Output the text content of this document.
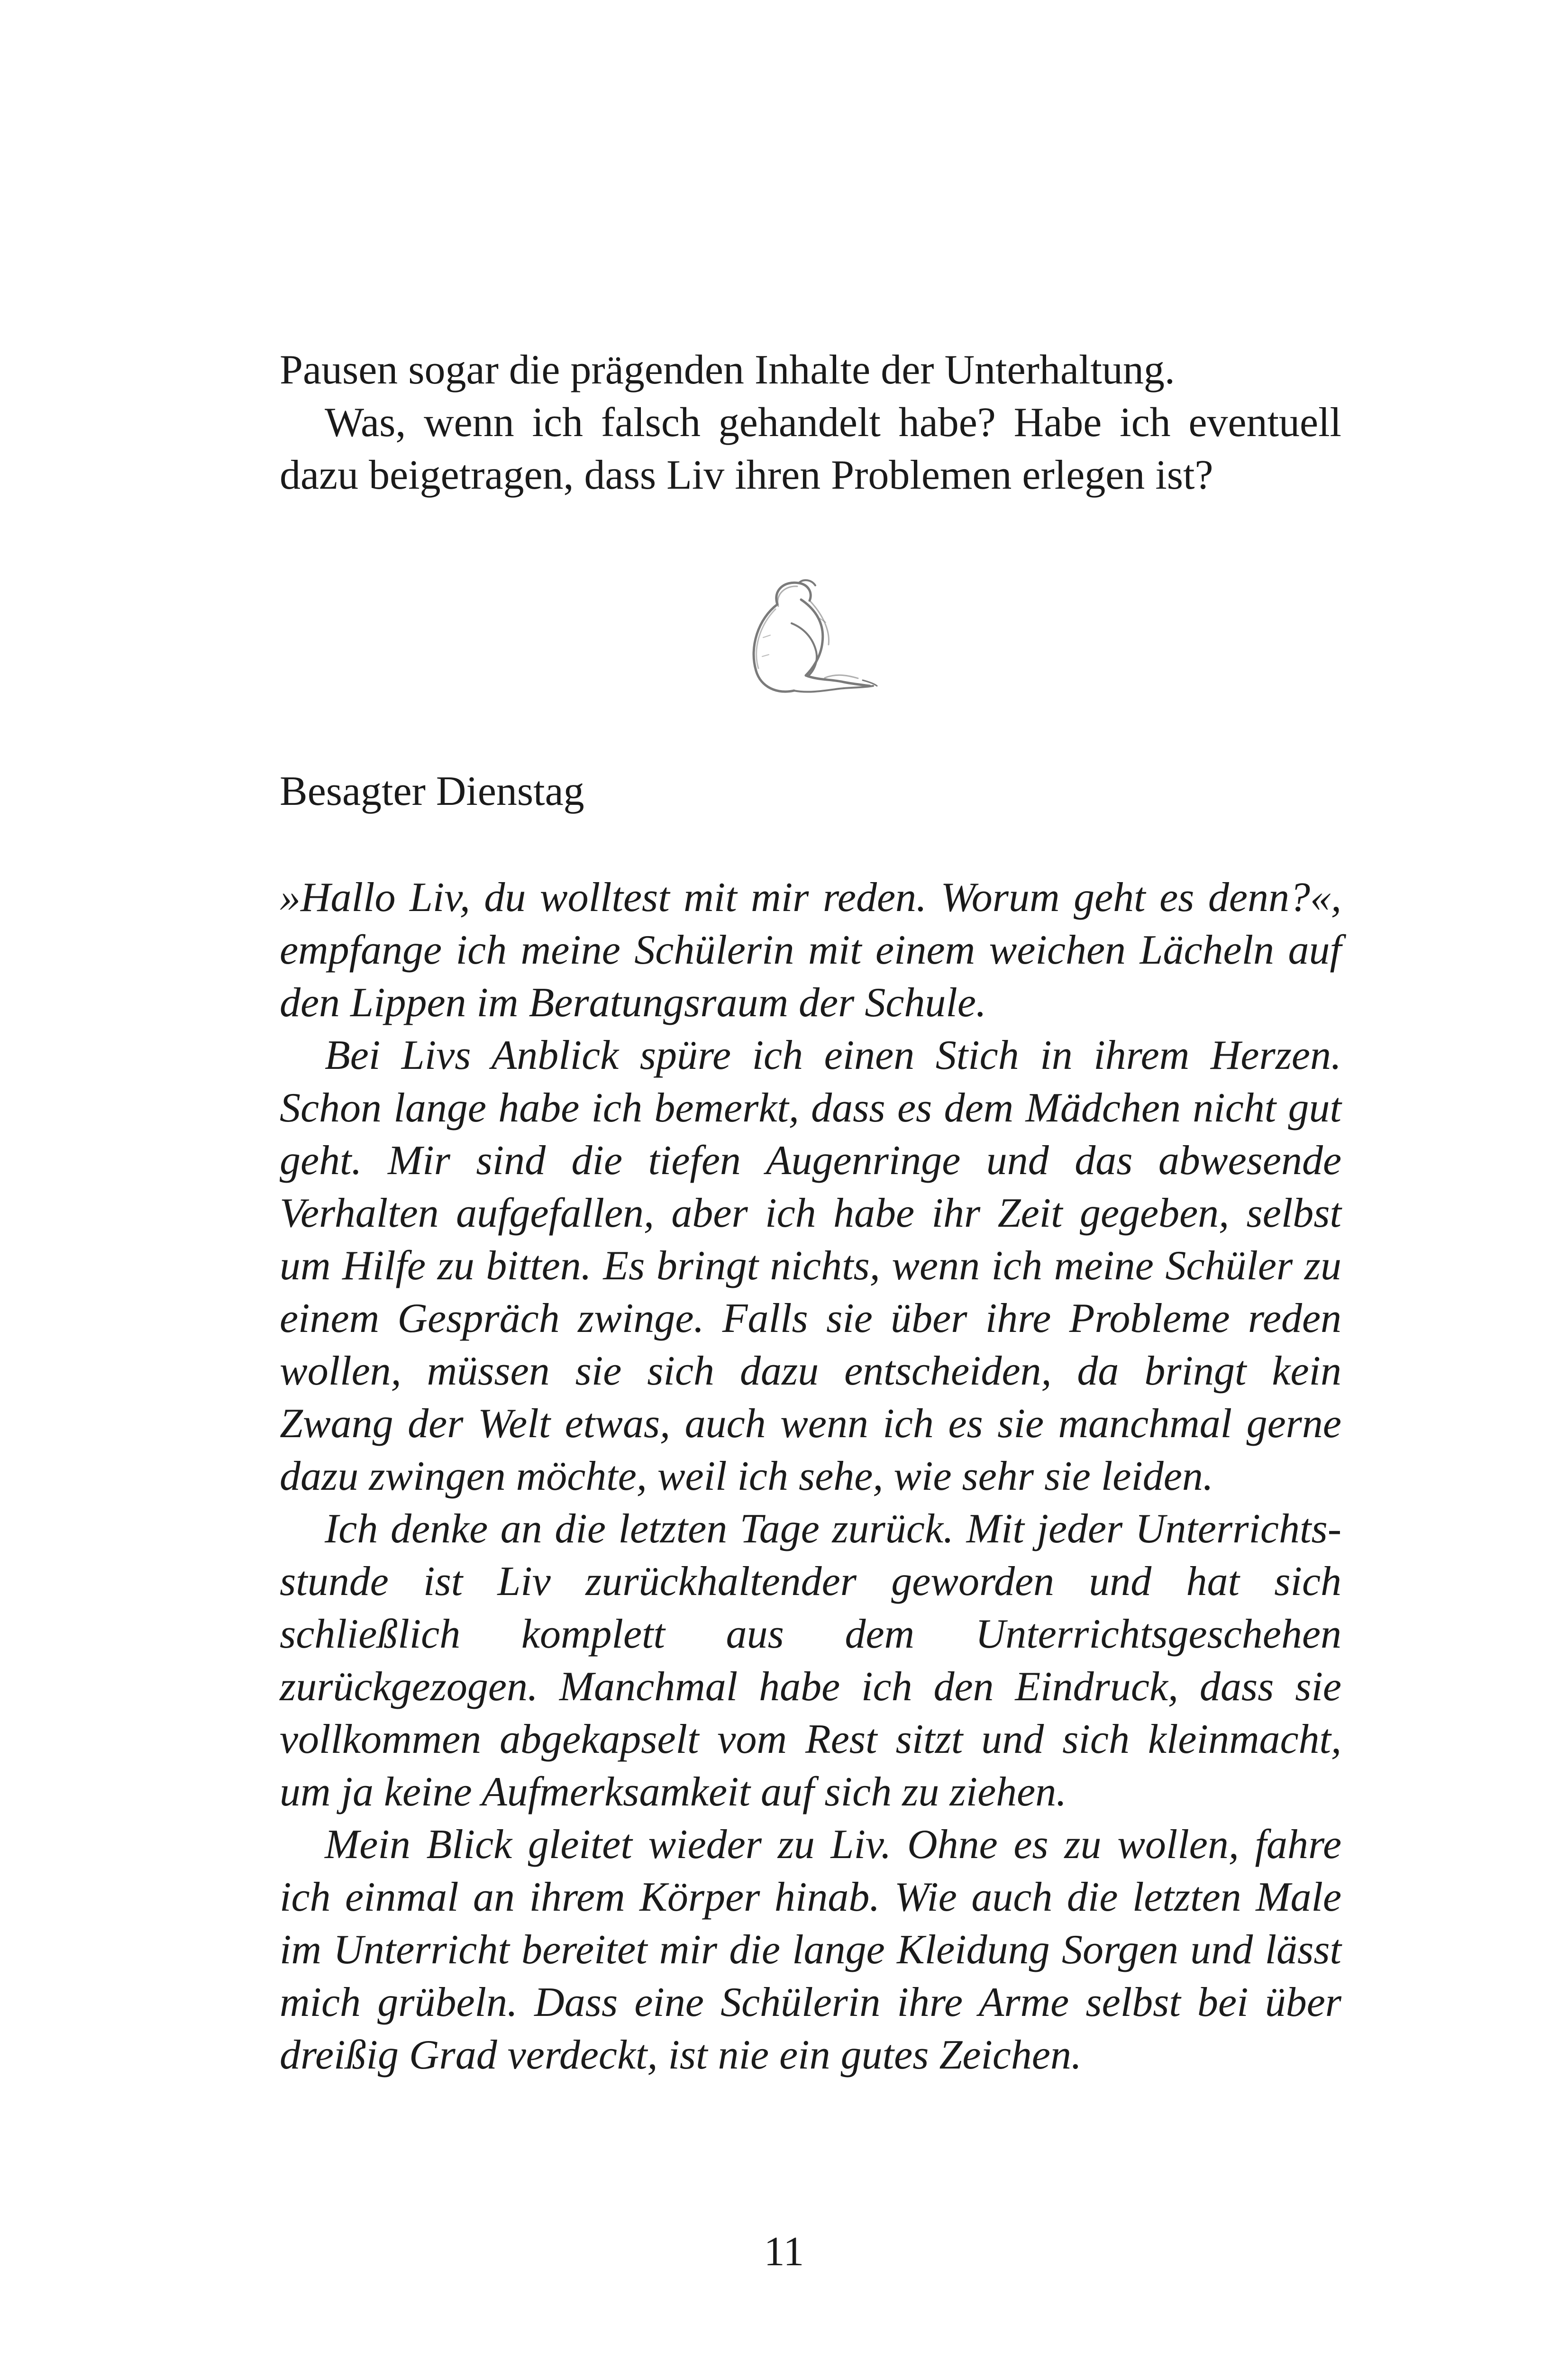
Pausen sogar die prägenden Inhalte der Unterhaltung.

Was, wenn ich falsch gehandelt habe? Habe ich eventuell dazu beigetragen, dass Liv ihren Problemen erlegen ist?

Besagter Dienstag

»Hallo Liv, du wolltest mit mir reden. Worum geht es denn?«, empfange ich meine Schülerin mit einem weichen Lächeln auf den Lippen im Beratungsraum der Schule.

Bei Livs Anblick spüre ich einen Stich in ihrem Herzen. Schon lange habe ich bemerkt, dass es dem Mädchen nicht gut geht. Mir sind die tiefen Augenringe und das abwesende Verhalten aufgefallen, aber ich habe ihr Zeit gegeben, selbst um Hilfe zu bitten. Es bringt nichts, wenn ich meine Schüler zu einem Gespräch zwinge. Falls sie über ihre Probleme reden wollen, müssen sie sich dazu entscheiden, da bringt kein Zwang der Welt etwas, auch wenn ich es sie manchmal gerne dazu zwingen möchte, weil ich sehe, wie sehr sie leiden.

Ich denke an die letzten Tage zurück. Mit jeder Unterrichtsstunde ist Liv zurückhaltender geworden und hat sich schließlich komplett aus dem Unterrichtsgeschehen zurückgezogen. Manchmal habe ich den Eindruck, dass sie vollkommen abgekapselt vom Rest sitzt und sich kleinmacht, um ja keine Aufmerksamkeit auf sich zu ziehen.

Mein Blick gleitet wieder zu Liv. Ohne es zu wollen, fahre ich einmal an ihrem Körper hinab. Wie auch die letzten Male im Unterricht bereitet mir die lange Kleidung Sorgen und lässt mich grübeln. Dass eine Schülerin ihre Arme selbst bei über dreißig Grad verdeckt, ist nie ein gutes Zeichen.

11
